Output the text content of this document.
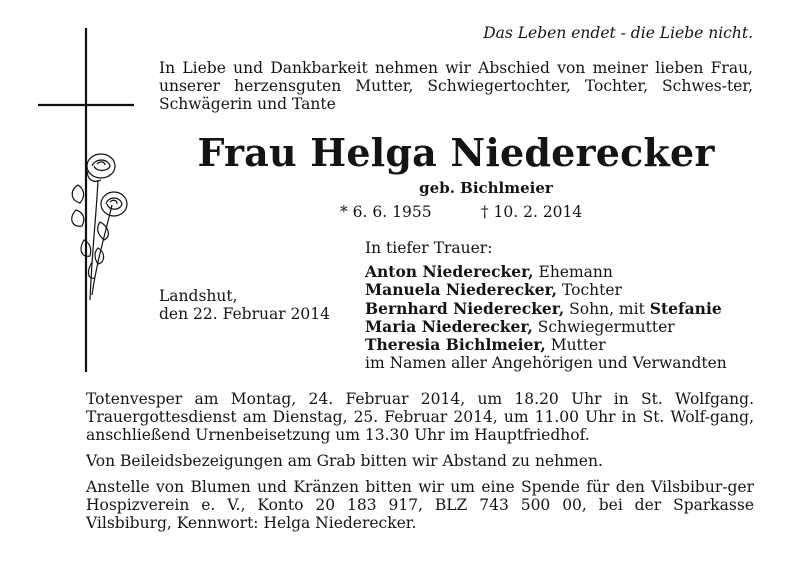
Das Leben endet - die Liebe nicht.
In Liebe und Dankbarkeit nehmen wir Abschied von meiner lieben Frau, unserer herzensguten Mutter, Schwiegertochter, Tochter, Schwes-ter, Schwägerin und Tante
Frau Helga Niederecker
geb. Bichlmeier
* 6. 6. 1955	† 10. 2. 2014
Landshut,
den 22. Februar 2014
In tiefer Trauer:
Anton Niederecker, Ehemann
Manuela Niederecker, Tochter
Bernhard Niederecker, Sohn, mit Stefanie
Maria Niederecker, Schwiegermutter
Theresia Bichlmeier, Mutter
im Namen aller Angehörigen und Verwandten

Totenvesper am Montag, 24. Februar 2014, um 18.20 Uhr in St. Wolfgang. Trauergottesdienst am Dienstag, 25. Februar 2014, um 11.00 Uhr in St. Wolf-gang, anschließend Urnenbeisetzung um 13.30 Uhr im Hauptfriedhof.

Von Beileidsbezeigungen am Grab bitten wir Abstand zu nehmen.

Anstelle von Blumen und Kränzen bitten wir um eine Spende für den Vilsbibur-ger Hospizverein e. V., Konto 20 183 917, BLZ 743 500 00, bei der Sparkasse Vilsbiburg, Kennwort: Helga Niederecker.
